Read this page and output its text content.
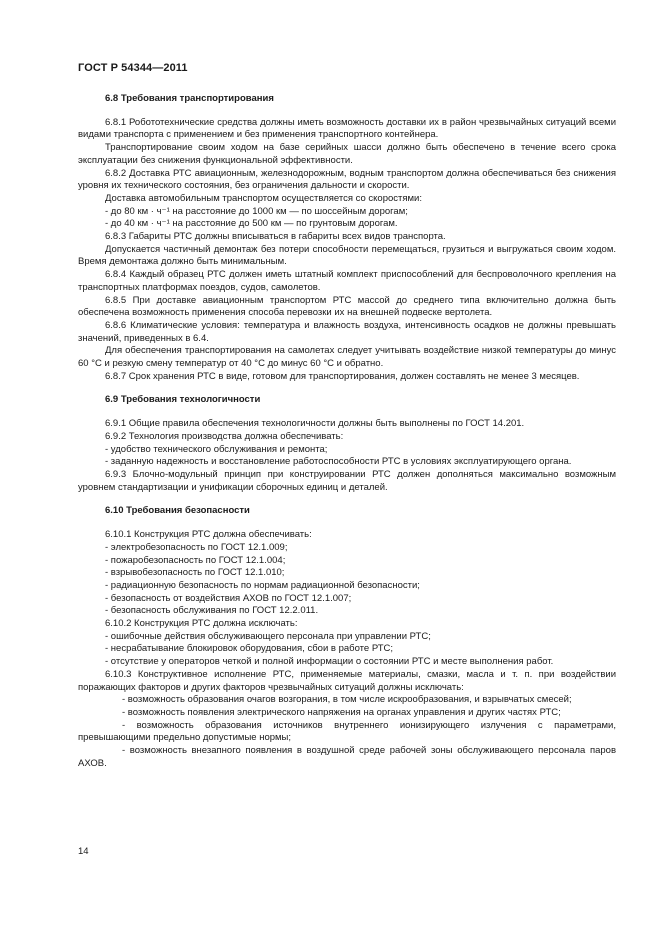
ГОСТ Р 54344—2011

6.8 Требования транспортирования

6.8.1 Робототехнические средства должны иметь возможность доставки их в район чрезвычайных ситуаций всеми видами транспорта с применением и без применения транспортного контейнера.

Транспортирование своим ходом на базе серийных шасси должно быть обеспечено в течение всего срока эксплуатации без снижения функциональной эффективности.

6.8.2 Доставка РТС авиационным, железнодорожным, водным транспортом должна обеспечиваться без снижения уровня их технического состояния, без ограничения дальности и скорости.

Доставка автомобильным транспортом осуществляется со скоростями:

- до 80 км · ч⁻¹ на расстояние до 1000 км — по шоссейным дорогам;

- до 40 км · ч⁻¹ на расстояние до 500 км — по грунтовым дорогам.

6.8.3 Габариты РТС должны вписываться в габариты всех видов транспорта.

Допускается частичный демонтаж без потери способности перемещаться, грузиться и выгружаться своим ходом. Время демонтажа должно быть минимальным.

6.8.4 Каждый образец РТС должен иметь штатный комплект приспособлений для беспроволочного крепления на транспортных платформах поездов, судов, самолетов.

6.8.5 При доставке авиационным транспортом РТС массой до среднего типа включительно должна быть обеспечена возможность применения способа перевозки их на внешней подвеске вертолета.

6.8.6 Климатические условия: температура и влажность воздуха, интенсивность осадков не должны превышать значений, приведенных в 6.4.

Для обеспечения транспортирования на самолетах следует учитывать воздействие низкой температуры до минус 60 °С и резкую смену температур от 40 °С до минус 60 °С и обратно.

6.8.7 Срок хранения РТС в виде, готовом для транспортирования, должен составлять не менее 3 месяцев.

6.9 Требования технологичности

6.9.1 Общие правила обеспечения технологичности должны быть выполнены по ГОСТ 14.201.

6.9.2 Технология производства должна обеспечивать:

- удобство технического обслуживания и ремонта;

- заданную надежность и восстановление работоспособности РТС в условиях эксплуатирующего органа.

6.9.3 Блочно-модульный принцип при конструировании РТС должен дополняться максимально возможным уровнем стандартизации и унификации сборочных единиц и деталей.

6.10 Требования безопасности

6.10.1 Конструкция РТС должна обеспечивать:

- электробезопасность по ГОСТ 12.1.009;

- пожаробезопасность по ГОСТ 12.1.004;

- взрывобезопасность по ГОСТ 12.1.010;

- радиационную безопасность по нормам радиационной безопасности;

- безопасность от воздействия АХОВ по ГОСТ 12.1.007;

- безопасность обслуживания по ГОСТ 12.2.011.

6.10.2 Конструкция РТС должна исключать:

- ошибочные действия обслуживающего персонала при управлении РТС;

- несрабатывание блокировок оборудования, сбои в работе РТС;

- отсутствие у операторов четкой и полной информации о состоянии РТС и месте выполнения работ.

6.10.3 Конструктивное исполнение РТС, применяемые материалы, смазки, масла и т. п. при воздействии поражающих факторов и других факторов чрезвычайных ситуаций должны исключать:

- возможность образования очагов возгорания, в том числе искрообразования, и взрывчатых смесей;

- возможность появления электрического напряжения на органах управления и других частях РТС;

- возможность образования источников внутреннего ионизирующего излучения с параметрами, превышающими предельно допустимые нормы;

- возможность внезапного появления в воздушной среде рабочей зоны обслуживающего персонала паров АХОВ.

14
